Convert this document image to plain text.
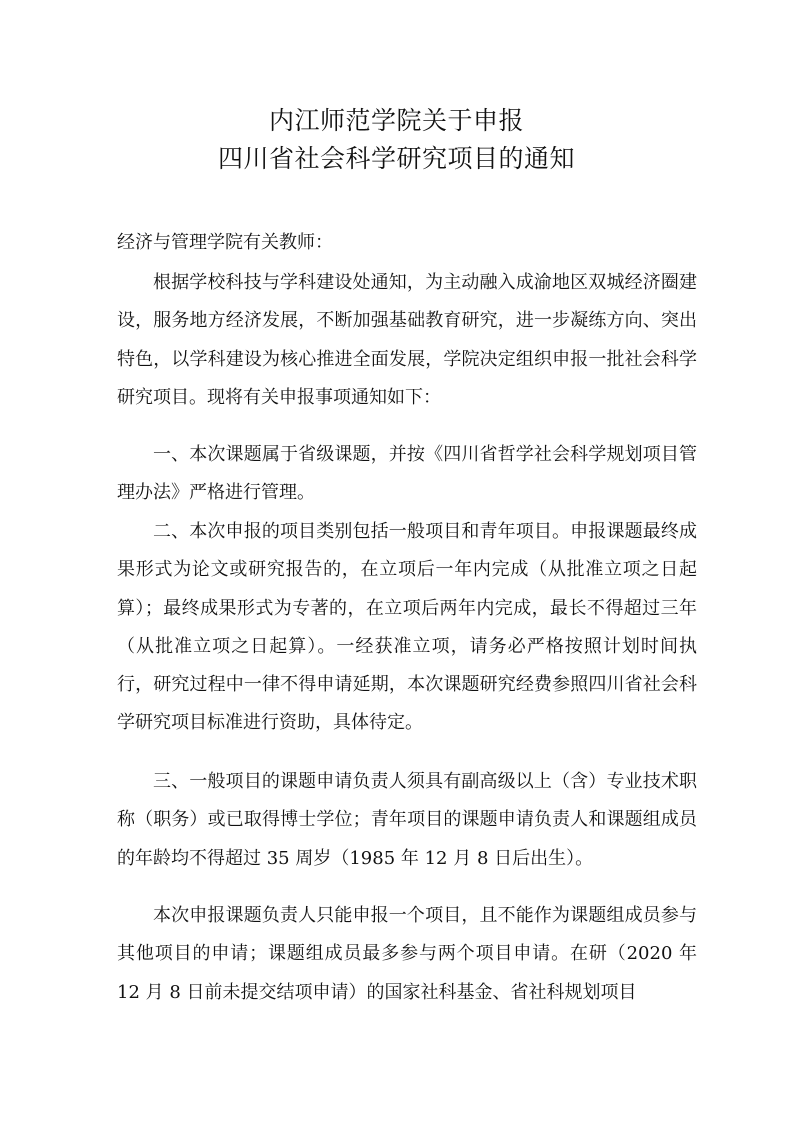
内江师范学院关于申报
四川省社会科学研究项目的通知

经济与管理学院有关教师：

根据学校科技与学科建设处通知，为主动融入成渝地区双城经济圈建设，服务地方经济发展，不断加强基础教育研究，进一步凝练方向、突出特色，以学科建设为核心推进全面发展，学院决定组织申报一批社会科学研究项目。现将有关申报事项通知如下：

一、本次课题属于省级课题，并按《四川省哲学社会科学规划项目管理办法》严格进行管理。

二、本次申报的项目类别包括一般项目和青年项目。申报课题最终成果形式为论文或研究报告的，在立项后一年内完成（从批准立项之日起算）；最终成果形式为专著的，在立项后两年内完成，最长不得超过三年（从批准立项之日起算）。一经获准立项，请务必严格按照计划时间执行，研究过程中一律不得申请延期，本次课题研究经费参照四川省社会科学研究项目标准进行资助，具体待定。

三、一般项目的课题申请负责人须具有副高级以上（含）专业技术职称（职务）或已取得博士学位；青年项目的课题申请负责人和课题组成员的年龄均不得超过 35 周岁（1985 年 12 月 8 日后出生）。

本次申报课题负责人只能申报一个项目，且不能作为课题组成员参与其他项目的申请；课题组成员最多参与两个项目申请。在研（2020 年 12 月 8 日前未提交结项申请）的国家社科基金、省社科规划项目
